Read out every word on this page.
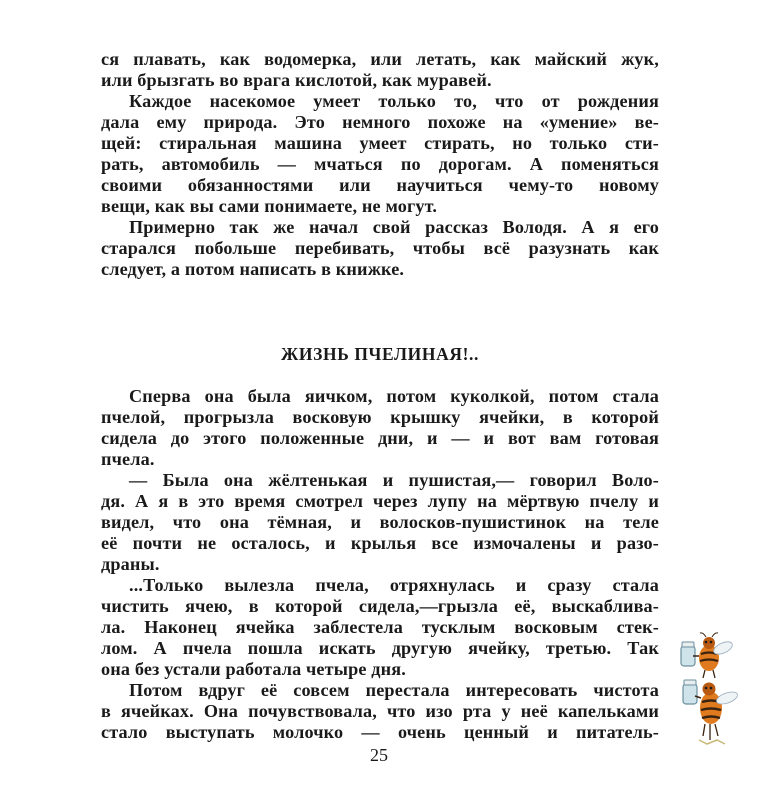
ся плавать, как водомерка, или летать, как майский жук,
или брызгать во врага кислотой, как муравей.
Каждое насекомое умеет только то, что от рождения
дала ему природа. Это немного похоже на «умение» ве-
щей: стиральная машина умеет стирать, но только сти-
рать, автомобиль — мчаться по дорогам. А поменяться
своими обязанностями или научиться чему-то новому
вещи, как вы сами понимаете, не могут.
Примерно так же начал свой рассказ Володя. А я его
старался побольше перебивать, чтобы всё разузнать как
следует, а потом написать в книжке.
ЖИЗНЬ ПЧЕЛИНАЯ!..
Сперва она была яичком, потом куколкой, потом стала
пчелой, прогрызла восковую крышку ячейки, в которой
сидела до этого положенные дни, и — и вот вам готовая
пчела.
— Была она жёлтенькая и пушистая,— говорил Воло-
дя. А я в это время смотрел через лупу на мёртвую пчелу и
видел, что она тёмная, и волосков-пушистинок на теле
её почти не осталось, и крылья все измочалены и разо-
драны.
...Только вылезла пчела, отряхнулась и сразу стала
чистить ячею, в которой сидела,—грызла её, выскаблива-
ла. Наконец ячейка заблестела тусклым восковым стек-
лом. А пчела пошла искать другую ячейку, третью. Так
она без устали работала четыре дня.
Потом вдруг её совсем перестала интересовать чистота
в ячейках. Она почувствовала, что изо рта у неё капельками
стало выступать молочко — очень ценный и питатель-
25
